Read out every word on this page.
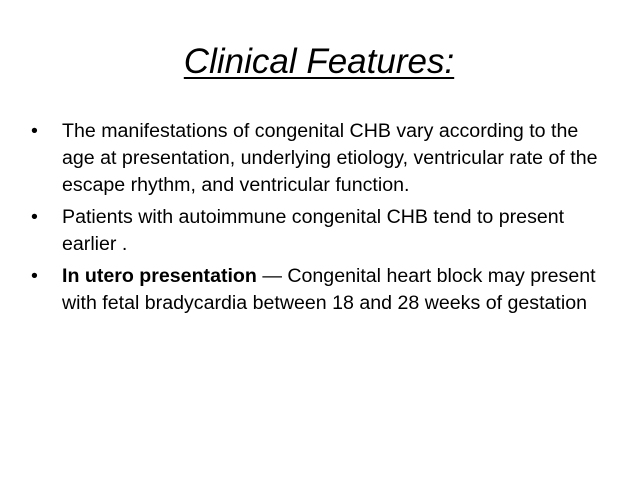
Clinical Features:
•	The manifestations of congenital CHB vary according to the age at presentation, underlying etiology, ventricular rate of the escape rhythm, and ventricular function.
•	Patients with autoimmune congenital CHB tend to present earlier .
•	In utero presentation — Congenital heart block may present with fetal bradycardia between 18 and 28 weeks of gestation
